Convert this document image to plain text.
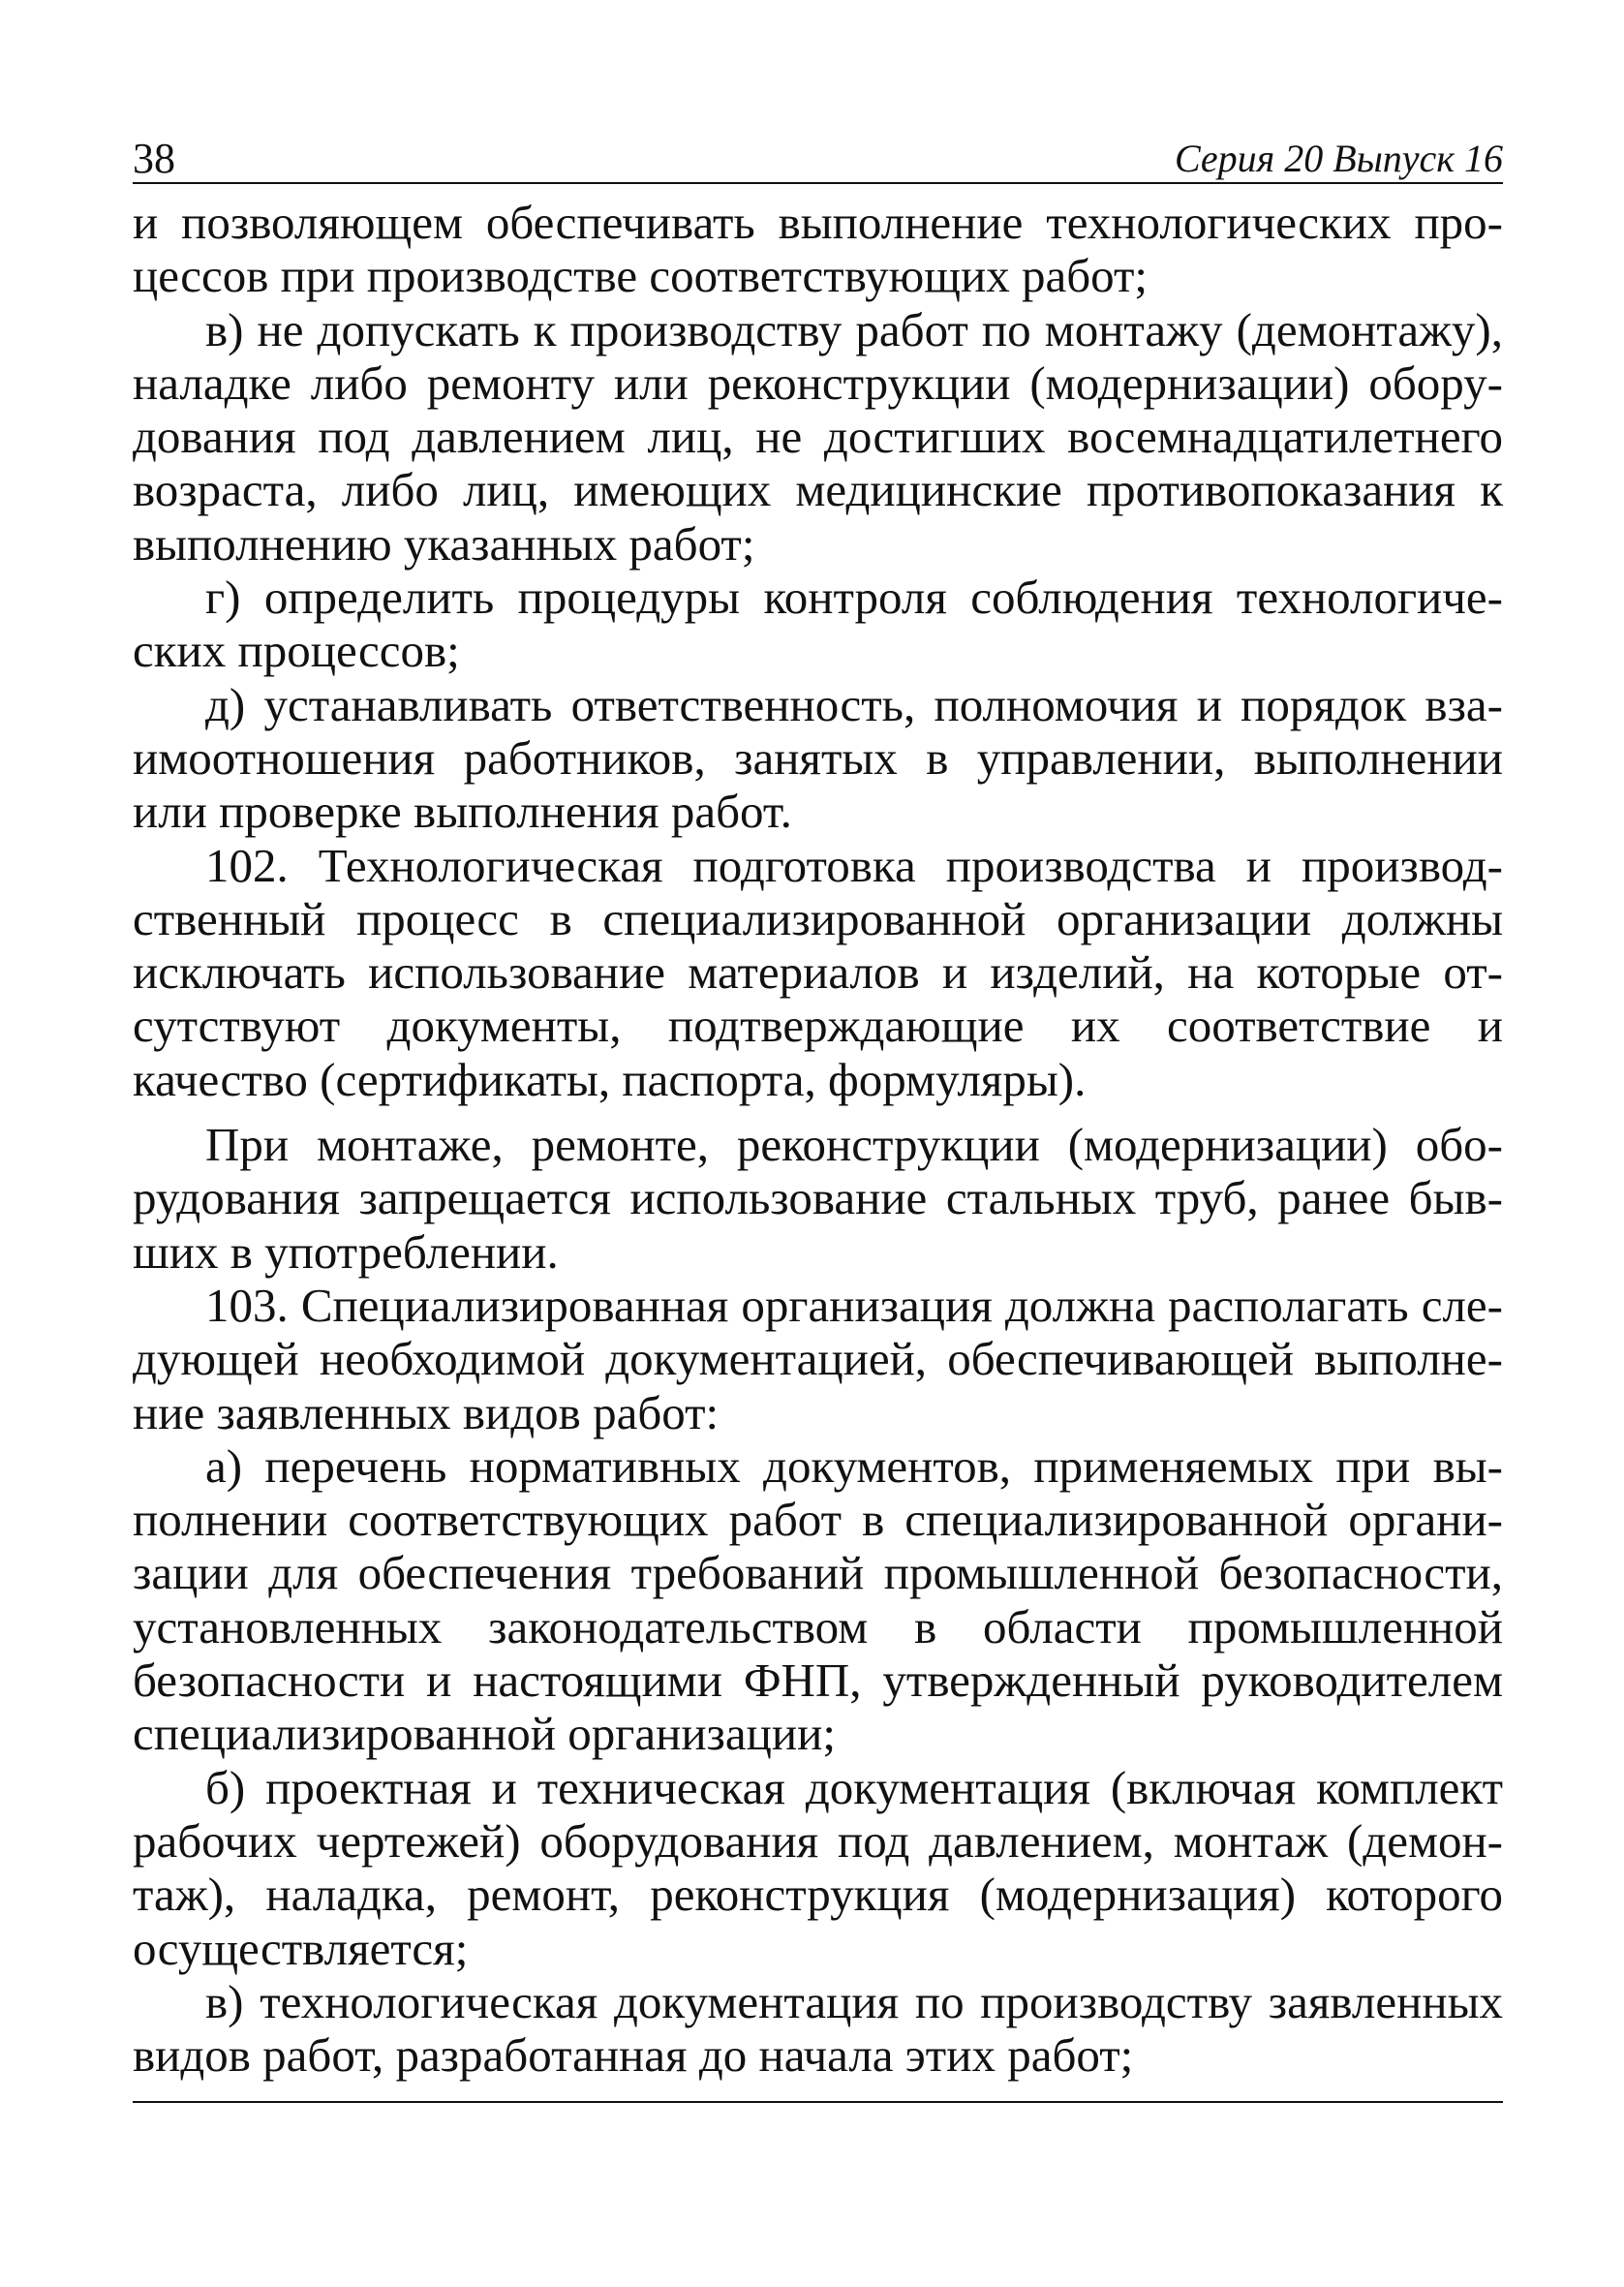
38	Серия 20 Выпуск 16

и позволяющем обеспечивать выполнение технологических процессов при производстве соответствующих работ;

в) не допускать к производству работ по монтажу (демонтажу), наладке либо ремонту или реконструкции (модернизации) оборудования под давлением лиц, не достигших восемнадцатилетнего возраста, либо лиц, имеющих медицинские противопоказания к выполнению указанных работ;

г) определить процедуры контроля соблюдения технологических процессов;

д) устанавливать ответственность, полномочия и порядок взаимоотношения работников, занятых в управлении, выполнении или проверке выполнения работ.

102. Технологическая подготовка производства и производственный процесс в специализированной организации должны исключать использование материалов и изделий, на которые отсутствуют документы, подтверждающие их соответствие и качество (сертификаты, паспорта, формуляры).

При монтаже, ремонте, реконструкции (модернизации) оборудования запрещается использование стальных труб, ранее бывших в употреблении.

103. Специализированная организация должна располагать следующей необходимой документацией, обеспечивающей выполнение заявленных видов работ:

а) перечень нормативных документов, применяемых при выполнении соответствующих работ в специализированной организации для обеспечения требований промышленной безопасности, установленных законодательством в области промышленной безопасности и настоящими ФНП, утвержденный руководителем специализированной организации;

б) проектная и техническая документация (включая комплект рабочих чертежей) оборудования под давлением, монтаж (демонтаж), наладка, ремонт, реконструкция (модернизация) которого осуществляется;

в) технологическая документация по производству заявленных видов работ, разработанная до начала этих работ;
